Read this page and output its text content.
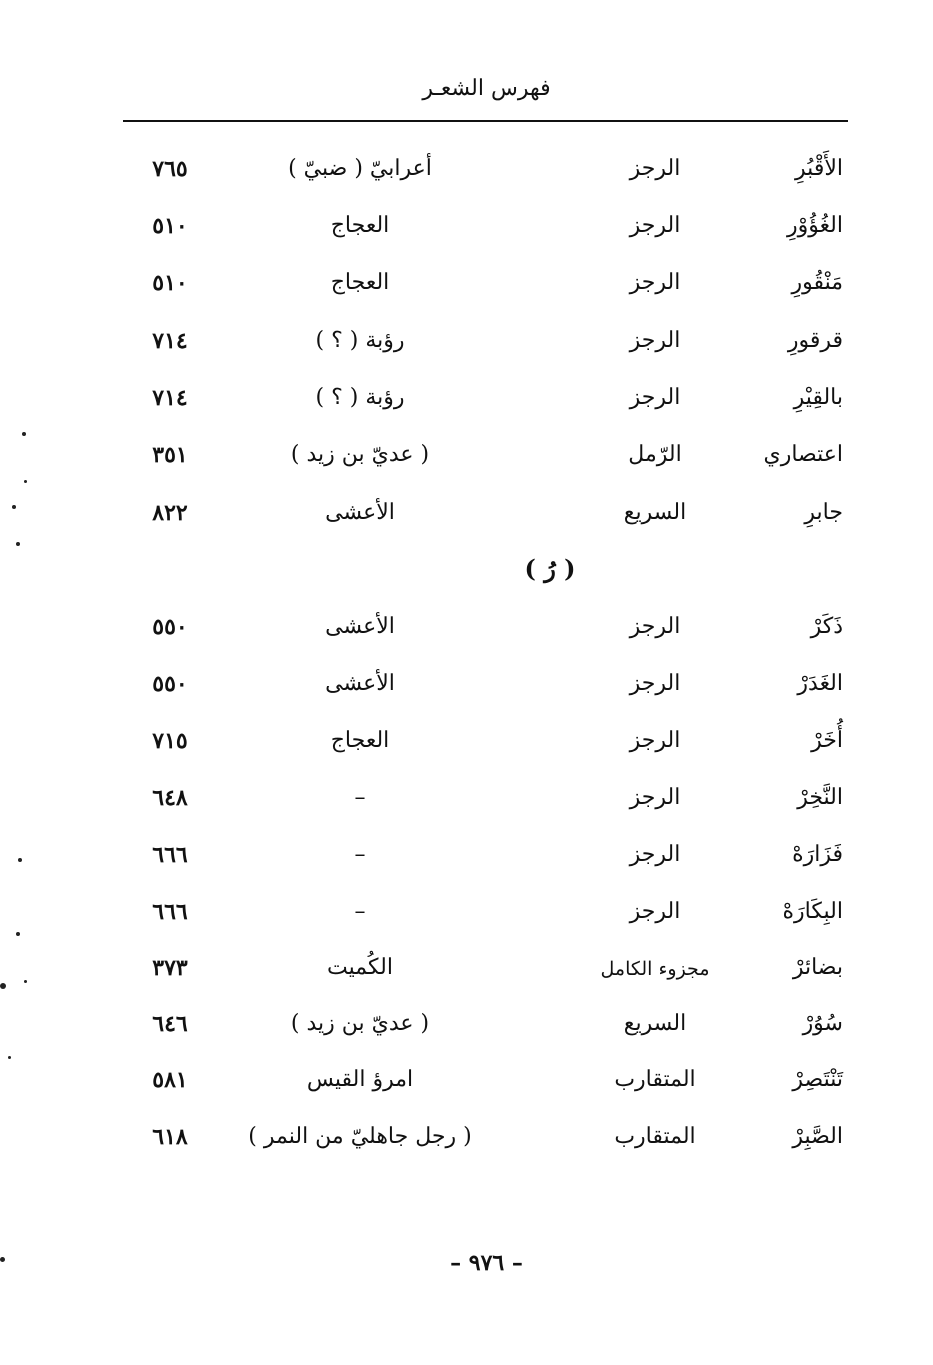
فهرس الشعـر
الأَقْبُرِ
الرجز
أعرابيّ ( ضبيّ )
٧٦٥
الغُؤُوْرِ
الرجز
العجاج
٥١٠
مَنْقُورِ
الرجز
العجاج
٥١٠
قرقورِ
الرجز
رؤبة ( ؟ )
٧١٤
بالقِيْرِ
الرجز
رؤبة ( ؟ )
٧١٤
اعتصاري
الرّمل
( عديّ بن زيد )
٣٥١
جابرِ
السريع
الأعشى
٨٢٢
( رُ )
ذَكَرْ
الرجز
الأعشى
٥٥٠
الغَدَرْ
الرجز
الأعشى
٥٥٠
أُخَرْ
الرجز
العجاج
٧١٥
النَّخِرْ
الرجز
–
٦٤٨
فَزَارَهْ
الرجز
–
٦٦٦
البِكَارَهْ
الرجز
–
٦٦٦
بضائرْ
مجزوء الكامل
الكُميت
٣٧٣
سُوُرْ
السريع
( عديّ بن زيد )
٦٤٦
تَنْتَصِرْ
المتقارب
امرؤ القيس
٥٨١
الصَّبِرْ
المتقارب
( رجل جاهليّ من النمر )
٦١٨
– ٩٧٦ –
